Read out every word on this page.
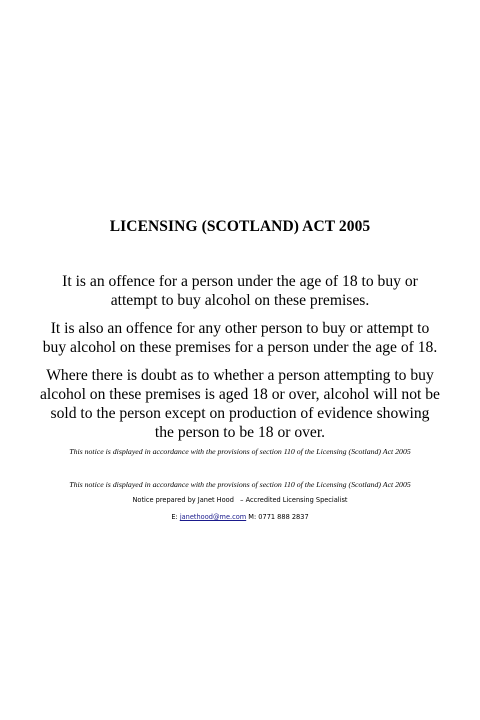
LICENSING (SCOTLAND) ACT 2005
It is an offence for a person under the age of 18 to buy or attempt to buy alcohol on these premises.
It is also an offence for any other person to buy or attempt to buy alcohol on these premises for a person under the age of 18.
Where there is doubt as to whether a person attempting to buy alcohol on these premises is aged 18 or over, alcohol will not be sold to the person except on production of evidence showing the person to be 18 or over.
This notice is displayed in accordance with the provisions of section 110 of the Licensing (Scotland) Act 2005
This notice is displayed in accordance with the provisions of section 110 of the Licensing (Scotland) Act 2005
Notice prepared by Janet Hood   – Accredited Licensing Specialist
E: janethood@me.com M: 0771 888 2837
